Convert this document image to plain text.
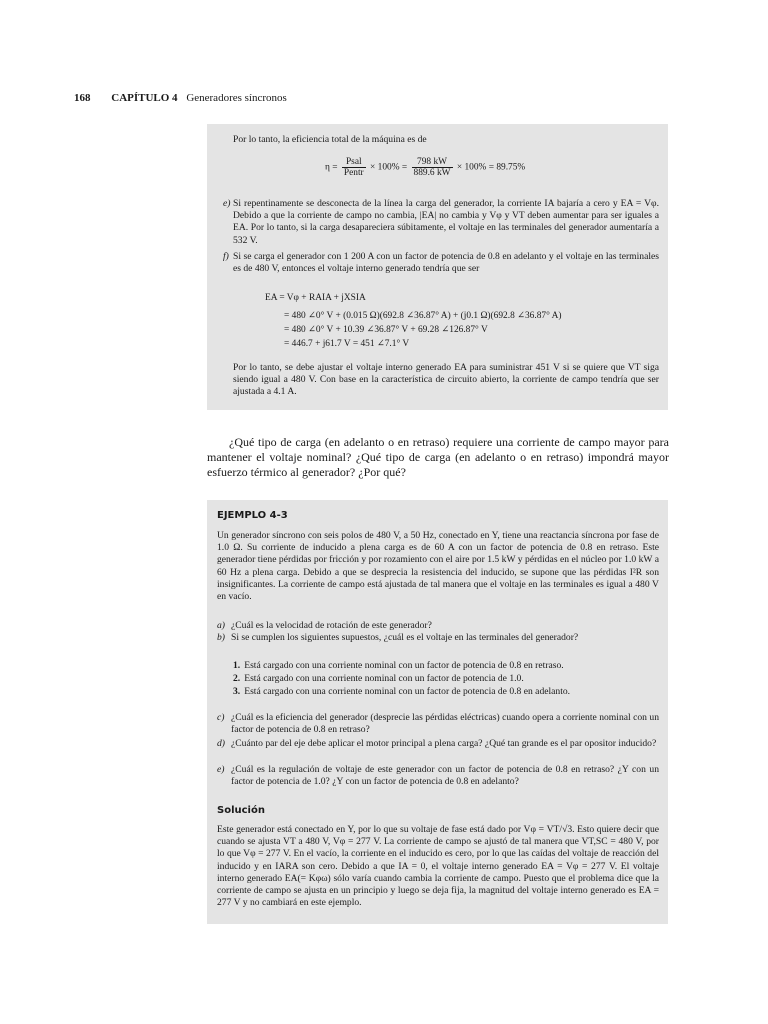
168 CAPÍTULO 4 Generadores síncronos
Por lo tanto, la eficiencia total de la máquina es de
$\eta = \frac{\text{Psal}}{\text{Pentr}} \times 100\% = \frac{798 kW}{889.6 kW} \times 100\% = 89.75\%$
e) Si repentinamente se desconecta de la línea la carga del generador, la corriente IA bajaría a cero y EA = Vφ. Debido a que la corriente de campo no cambia, |EA| no cambia y Vφ y VT deben aumentar para ser iguales a EA. Por lo tanto, si la carga desapareciera súbitamente, el voltaje en las terminales del generador aumentaría a 532 V.
f) Si se carga el generador con 1 200 A con un factor de potencia de 0.8 en adelanto y el voltaje en las terminales es de 480 V, entonces el voltaje interno generado tendría que ser
EA = Vφ + RAIA + jXSIA
= 480 ∠0° V + (0.015 Ω)(692.8 ∠36.87° A) + (j0.1 Ω)(692.8 ∠36.87° A)
= 480 ∠0° V + 10.39 ∠36.87° V + 69.28 ∠126.87° V
= 446.7 + j61.7 V = 451 ∠7.1° V
Por lo tanto, se debe ajustar el voltaje interno generado EA para suministrar 451 V si se quiere que VT siga siendo igual a 480 V. Con base en la característica de circuito abierto, la corriente de campo tendría que ser ajustada a 4.1 A.
¿Qué tipo de carga (en adelanto o en retraso) requiere una corriente de campo mayor para mantener el voltaje nominal? ¿Qué tipo de carga (en adelanto o en retraso) impondrá mayor esfuerzo térmico al generador? ¿Por qué?
EJEMPLO 4-3
Un generador síncrono con seis polos de 480 V, a 50 Hz, conectado en Y, tiene una reactancia síncrona por fase de 1.0 Ω. Su corriente de inducido a plena carga es de 60 A con un factor de potencia de 0.8 en retraso. Este generador tiene pérdidas por fricción y por rozamiento con el aire por 1.5 kW y pérdidas en el núcleo por 1.0 kW a 60 Hz a plena carga. Debido a que se desprecia la resistencia del inducido, se supone que las pérdidas I²R son insignificantes. La corriente de campo está ajustada de tal manera que el voltaje en las terminales es igual a 480 V en vacío.
a) ¿Cuál es la velocidad de rotación de este generador?
b) Si se cumplen los siguientes supuestos, ¿cuál es el voltaje en las terminales del generador?
1. Está cargado con una corriente nominal con un factor de potencia de 0.8 en retraso.
2. Está cargado con una corriente nominal con un factor de potencia de 1.0.
3. Está cargado con una corriente nominal con un factor de potencia de 0.8 en adelanto.
c) ¿Cuál es la eficiencia del generador (desprecie las pérdidas eléctricas) cuando opera a corriente nominal con un factor de potencia de 0.8 en retraso?
d) ¿Cuánto par del eje debe aplicar el motor principal a plena carga? ¿Qué tan grande es el par opositor inducido?
e) ¿Cuál es la regulación de voltaje de este generador con un factor de potencia de 0.8 en retraso? ¿Y con un factor de potencia de 1.0? ¿Y con un factor de potencia de 0.8 en adelanto?
Solución
Este generador está conectado en Y, por lo que su voltaje de fase está dado por Vφ = VT/√3. Esto quiere decir que cuando se ajusta VT a 480 V, Vφ = 277 V. La corriente de campo se ajustó de tal manera que VT,SC = 480 V, por lo que Vφ = 277 V. En el vacío, la corriente en el inducido es cero, por lo que las caídas del voltaje de reacción del inducido y en IARA son cero. Debido a que IA = 0, el voltaje interno generado EA = Vφ = 277 V. El voltaje interno generado EA(= Kφω) sólo varía cuando cambia la corriente de campo. Puesto que el problema dice que la corriente de campo se ajusta en un principio y luego se deja fija, la magnitud del voltaje interno generado es EA = 277 V y no cambiará en este ejemplo.
